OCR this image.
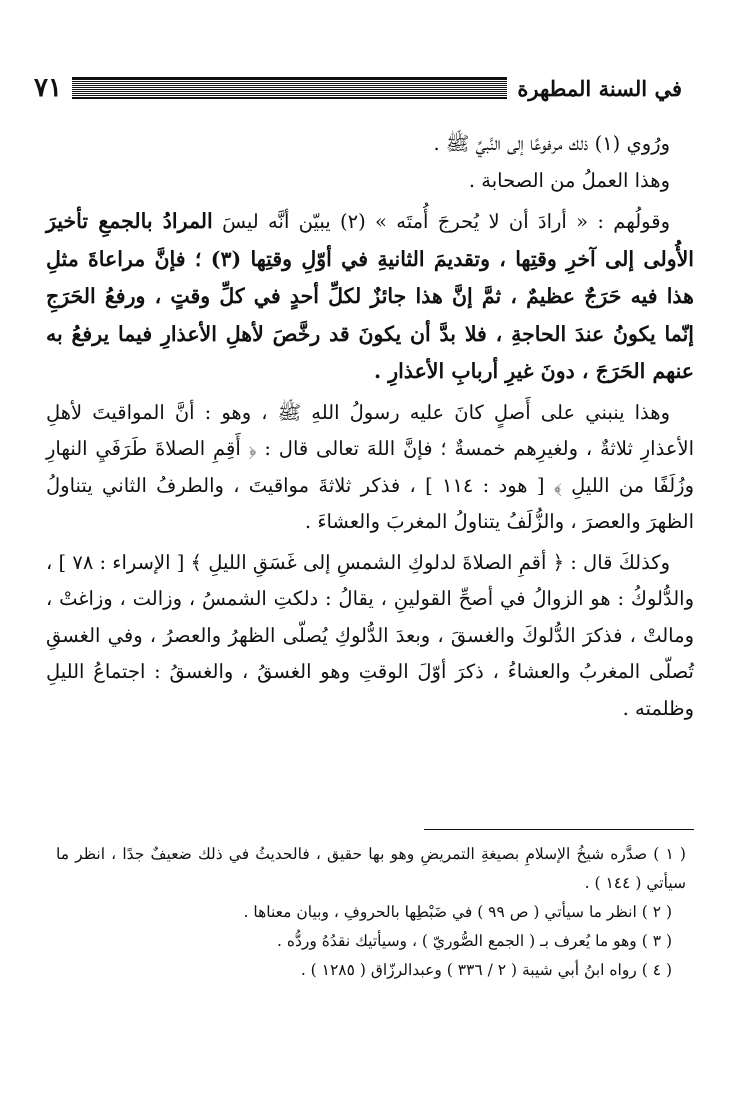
في السنة المطهرة
٧١

ورُوي (١) ذلك مرفوعًا إلى النَّبيِّ ﷺ .

وهذا العملُ من الصحابة .

وقولُهم : « أرادَ أن لا يُحرجَ أُمتَه » (٢) يبيّن أنَّه ليسَ المرادُ بالجمعِ تأخيرَ الأُولى إلى آخرِ وقتِها ، وتقديمَ الثانيةِ في أوّلِ وقتِها (٣) ؛ فإنَّ مراعاةَ مثلِ هذا فيه حَرَجٌ عظيمٌ ، ثمَّ إنَّ هذا جائزٌ لكلِّ أحدٍ في كلِّ وقتٍ ، ورفعُ الحَرَجِ إنّما يكونُ عندَ الحاجةِ ، فلا بدَّ أن يكونَ قد رخَّصَ لأهلِ الأعذارِ فيما يرفعُ به عنهم الحَرَجَ ، دونَ غيرِ أربابِ الأعذارِ .

وهذا ينبني على أَصلٍ كانَ عليه رسولُ اللهِ ﷺ ، وهو : أنَّ المواقيتَ لأهلِ الأعذارِ ثلاثةٌ ، ولغيرِهم خمسةٌ ؛ فإنَّ اللهَ تعالى قال : ﴿ أَقِمِ الصلاةَ طَرَفَيِ النهارِ وزُلَفًا من الليلِ ﴾ [ هود : ١١٤ ] ، فذكر ثلاثةَ مواقيتَ ، والطرفُ الثاني يتناولُ الظهرَ والعصرَ ، والزُّلَفُ يتناولُ المغربَ والعشاءَ .

وكذلكَ قال : ﴿ أقمِ الصلاةَ لدلوكِ الشمسِ إلى غَسَقِ الليلِ ﴾ [ الإسراء : ٧٨ ] ، والدُّلوكُ : هو الزوالُ في أصحِّ القولينِ ، يقالُ : دلكتِ الشمسُ ، وزالت ، وزاغتْ ، ومالتْ ، فذكرَ الدُّلوكَ والغسقَ ، وبعدَ الدُّلوكِ يُصلّى الظهرُ والعصرُ ، وفي الغسقِ تُصلّى المغربُ والعشاءُ ، ذكرَ أوّلَ الوقتِ وهو الغسقُ ، والغسقُ : اجتماعُ الليلِ وظلمته .

( ١ ) صدَّره شيخُ الإسلامِ بصيغةِ التمريضِ وهو بها حقيق ، فالحديثُ في ذلك ضعيفٌ جدًا ، انظر ما سيأتي ( ١٤٤ ) .

( ٢ ) انظر ما سيأتي ( ص ٩٩ ) في ضَبْطِها بالحروفِ ، وبيان معناها .

( ٣ ) وهو ما يُعرف بـ ( الجمع الصُّوريّ ) ، وسيأتيك نقدُهُ وردُّه .

( ٤ ) رواه ابنُ أبي شيبة ( ٢ / ٣٣٦ ) وعبدالرزّاق ( ١٢٨٥ ) .
